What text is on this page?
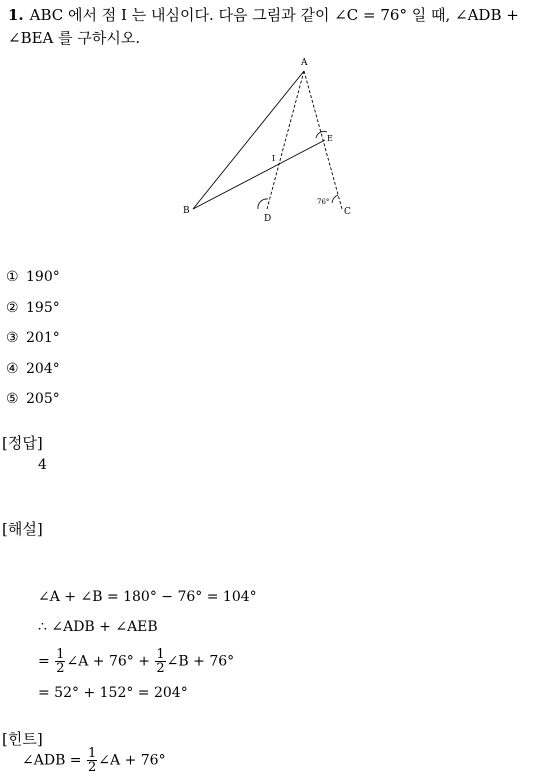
1. ABC 에서 점 I 는 내심이다. 다음 그림과 같이 ∠C = 76° 일 때, ∠ADB + ∠BEA 를 구하시오.
A
B	C
D
E
I
76°
① 190°
② 195°
③ 201°
④ 204°
⑤ 205°
[정답]
4
[해설]
∠A + ∠B = 180° − 76° = 104°
∴ ∠ADB + ∠AEB
= $\frac{1}{2}$ ∠A + $76^\circ + \frac{1}{2}$ ∠B + 76°
= 52° + 152° = 204°
[힌트]
∠ADB = $\frac{1}{2}$ ∠A + 76°
